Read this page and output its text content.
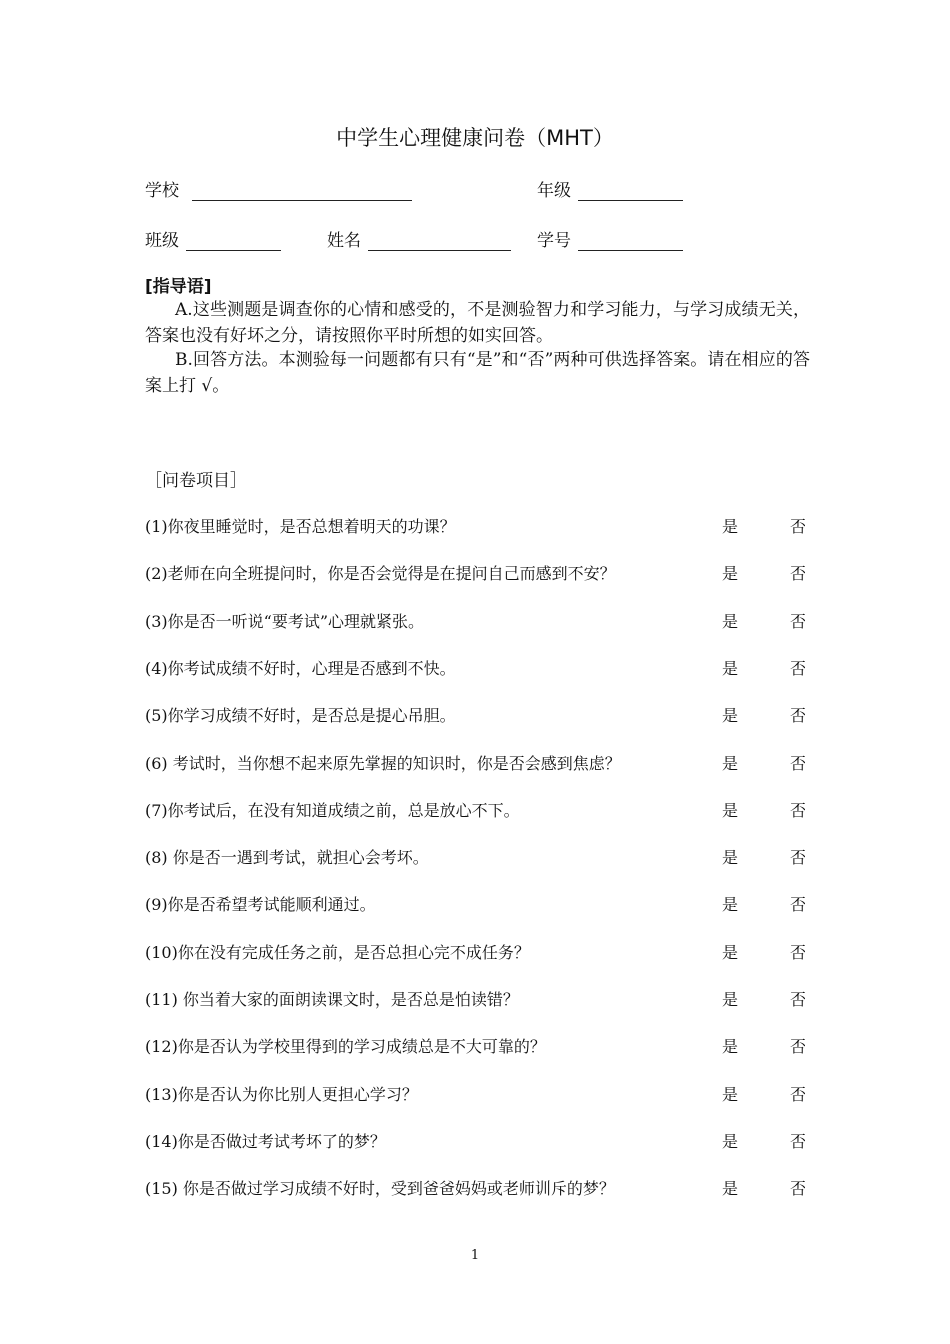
中学生心理健康问卷（MHT）
学校	年级
班级	姓名	学号
[指导语]
A.这些测题是调查你的心情和感受的，不是测验智力和学习能力，与学习成绩无关，答案也没有好坏之分，请按照你平时所想的如实回答。
B.回答方法。本测验每一问题都有只有“是”和“否”两种可供选择答案。请在相应的答案上打 √。
［问卷项目］
(1)你夜里睡觉时，是否总想着明天的功课？	是	否
(2)老师在向全班提问时，你是否会觉得是在提问自己而感到不安？	是	否
(3)你是否一听说“要考试”心理就紧张。	是	否
(4)你考试成绩不好时，心理是否感到不快。	是	否
(5)你学习成绩不好时，是否总是提心吊胆。	是	否
(6) 考试时，当你想不起来原先掌握的知识时，你是否会感到焦虑？	是	否
(7)你考试后，在没有知道成绩之前，总是放心不下。	是	否
(8) 你是否一遇到考试，就担心会考坏。	是	否
(9)你是否希望考试能顺利通过。	是	否
(10)你在没有完成任务之前，是否总担心完不成任务？	是	否
(11) 你当着大家的面朗读课文时，是否总是怕读错？	是	否
(12)你是否认为学校里得到的学习成绩总是不大可靠的？	是	否
(13)你是否认为你比别人更担心学习？	是	否
(14)你是否做过考试考坏了的梦？	是	否
(15) 你是否做过学习成绩不好时，受到爸爸妈妈或老师训斥的梦？	是	否
1
